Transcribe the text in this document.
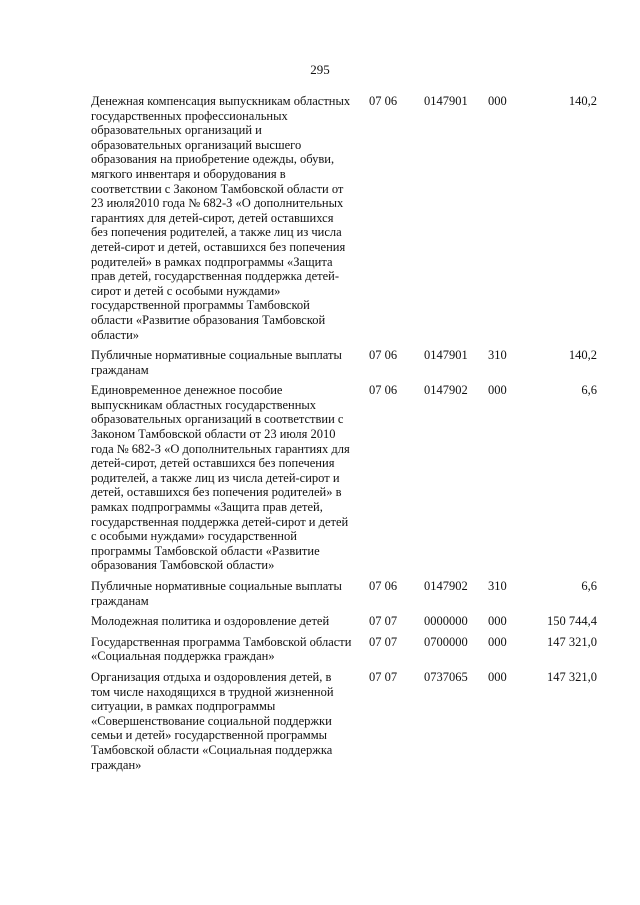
295
Денежная компенсация выпускникам областных государственных профессиональных образовательных организаций и образовательных организаций высшего образования на приобретение одежды, обуви, мягкого инвентаря и оборудования в соответствии с Законом Тамбовской области от 23 июля2010 года № 682-З «О дополнительных гарантиях для детей-сирот, детей оставшихся без попечения родителей, а также лиц из числа детей-сирот и детей, оставшихся без попечения родителей» в рамках подпрограммы «Защита прав детей, государственная поддержка детей-сирот и детей с особыми нуждами» государственной программы Тамбовской области «Развитие образования Тамбовской области»	07 06	0147901	000	140,2
Публичные нормативные социальные выплаты гражданам	07 06	0147901	310	140,2
Единовременное денежное пособие выпускникам областных государственных образовательных организаций в соответствии с Законом Тамбовской области от 23 июля 2010 года № 682-З «О дополнительных гарантиях для детей-сирот, детей оставшихся без попечения родителей, а также лиц из числа детей-сирот и детей, оставшихся без попечения родителей» в рамках подпрограммы «Защита прав детей, государственная поддержка детей-сирот и детей с особыми нуждами» государственной программы Тамбовской области «Развитие образования Тамбовской области»	07 06	0147902	000	6,6
Публичные нормативные социальные выплаты гражданам	07 06	0147902	310	6,6
Молодежная политика и оздоровление детей	07 07	0000000	000	150 744,4
Государственная программа Тамбовской области «Социальная поддержка граждан»	07 07	0700000	000	147 321,0
Организация отдыха и оздоровления детей, в том числе находящихся в трудной жизненной ситуации, в рамках подпрограммы «Совершенствование социальной поддержки семьи и детей» государственной программы Тамбовской области «Социальная поддержка граждан»	07 07	0737065	000	147 321,0
